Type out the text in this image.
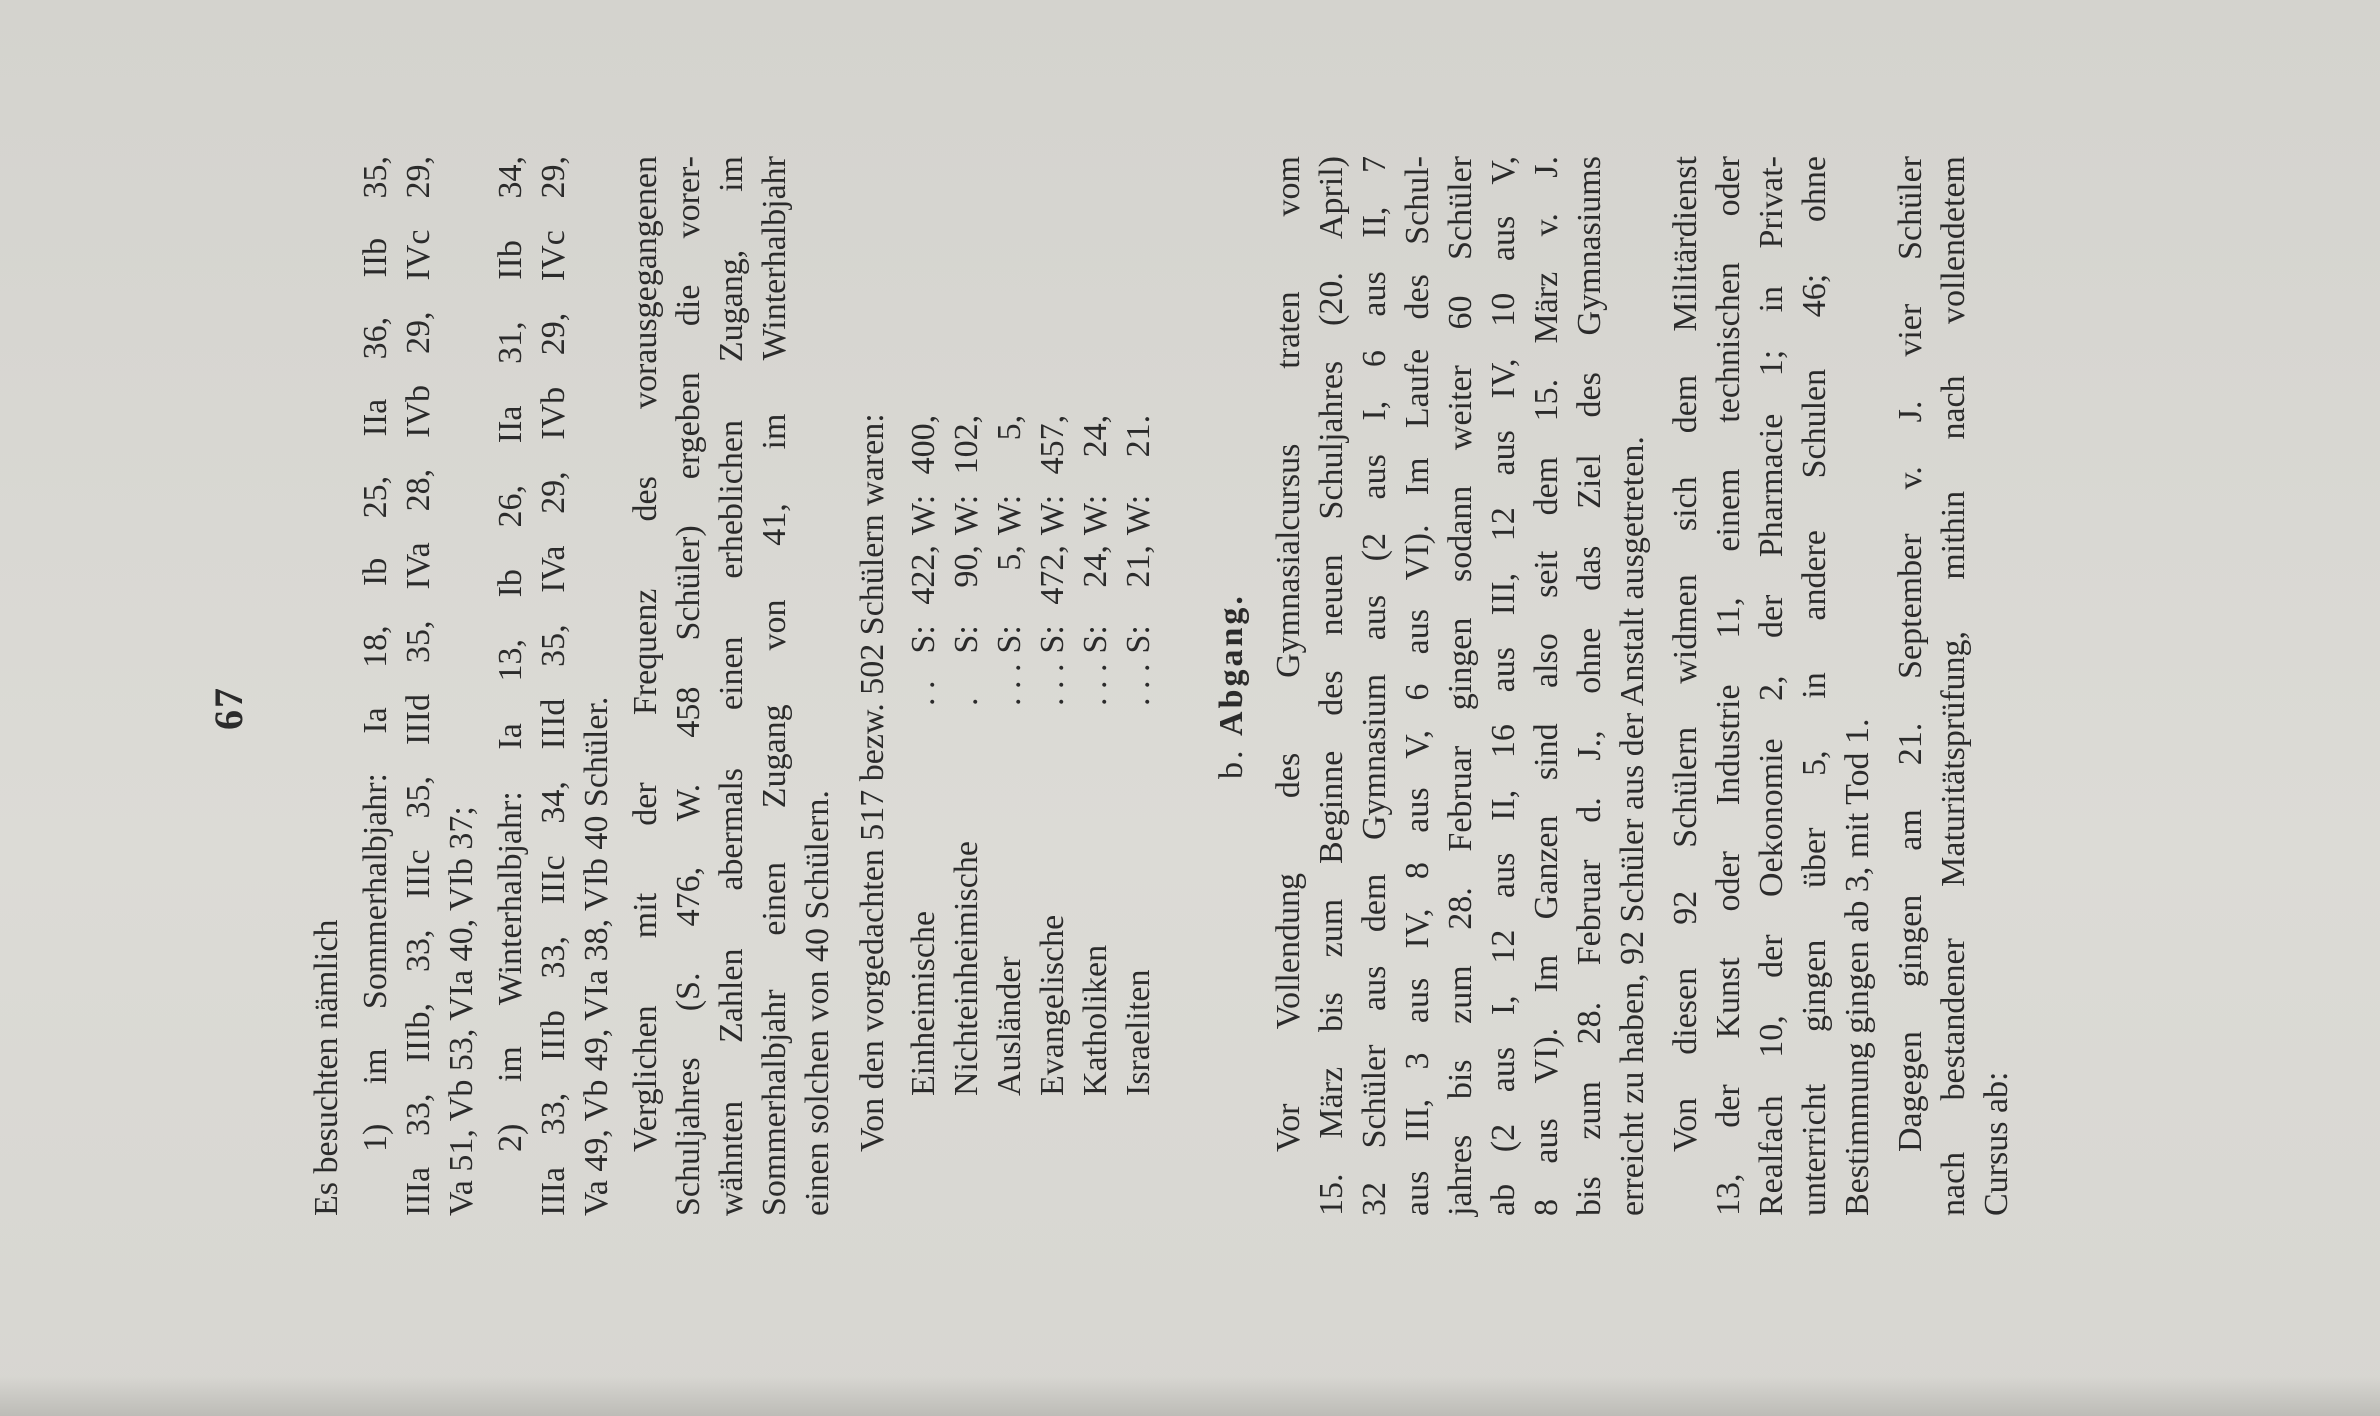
67
Es besuchten nämlich 1) im Sommerhalbjahr: Ia 18, Ib 25, IIa 36, IIb 35, IIIa 33, IIIb, 33, IIIc 35, IIId 35, IVa 28, IVb 29, IVc 29, Va 51, Vb 53, VIa 40, VIb 37; 2) im Winterhalbjahr: Ia 13, Ib 26, IIa 31, IIb 34, IIIa 33, IIIb 33, IIIc 34, IIId 35, IVa 29, IVb 29, IVc 29, Va 49, Vb 49, VIa 38, VIb 40 Schüler. Verglichen mit der Frequenz des vorausgegangenen Schuljahres (S. 476, W. 458 Schüler) ergeben die vorer- wähnten Zahlen abermals einen erheblichen Zugang, im Sommerhalbjahr einen Zugang von 41, im Winterhalbjahr einen solchen von 40 Schülern. Von den vorgedachten 517 bezw. 502 Schülern waren: Einheimische	. .	S:	422,	W:	400,
Nichteinheimische	.	S:	90,	W:	102,
Ausländer	. . .	S:	5,	W:	5,
Evangelische	. . .	S:	472,	W:	457,
Katholiken	. . .	S:	24,	W:	24,
Israeliten	. . .	S:	21,	W:	21.
b. Abgang. Vor Vollendung des Gymnasialcursus traten vom 15. März bis zum Beginne des neuen Schuljahres (20. April) 32 Schüler aus dem Gymnasium aus (2 aus I, 6 aus II, 7 aus III, 3 aus IV, 8 aus V, 6 aus VI). Im Laufe des Schul- jahres bis zum 28. Februar gingen sodann weiter 60 Schüler ab (2 aus I, 12 aus II, 16 aus III, 12 aus IV, 10 aus V, 8 aus VI). Im Ganzen sind also seit dem 15. März v. J. bis zum 28. Februar d. J., ohne das Ziel des Gymnasiums erreicht zu haben, 92 Schüler aus der Anstalt ausgetreten. Von diesen 92 Schülern widmen sich dem Militärdienst 13, der Kunst oder Industrie 11, einem technischen oder Realfach 10, der Oekonomie 2, der Pharmacie 1; in Privat- unterricht gingen über 5, in andere Schulen 46; ohne Bestimmung gingen ab 3, mit Tod 1. Dagegen gingen am 21. September v. J. vier Schüler nach bestandener Maturitätsprüfung, mithin nach vollendetem Cursus ab:
